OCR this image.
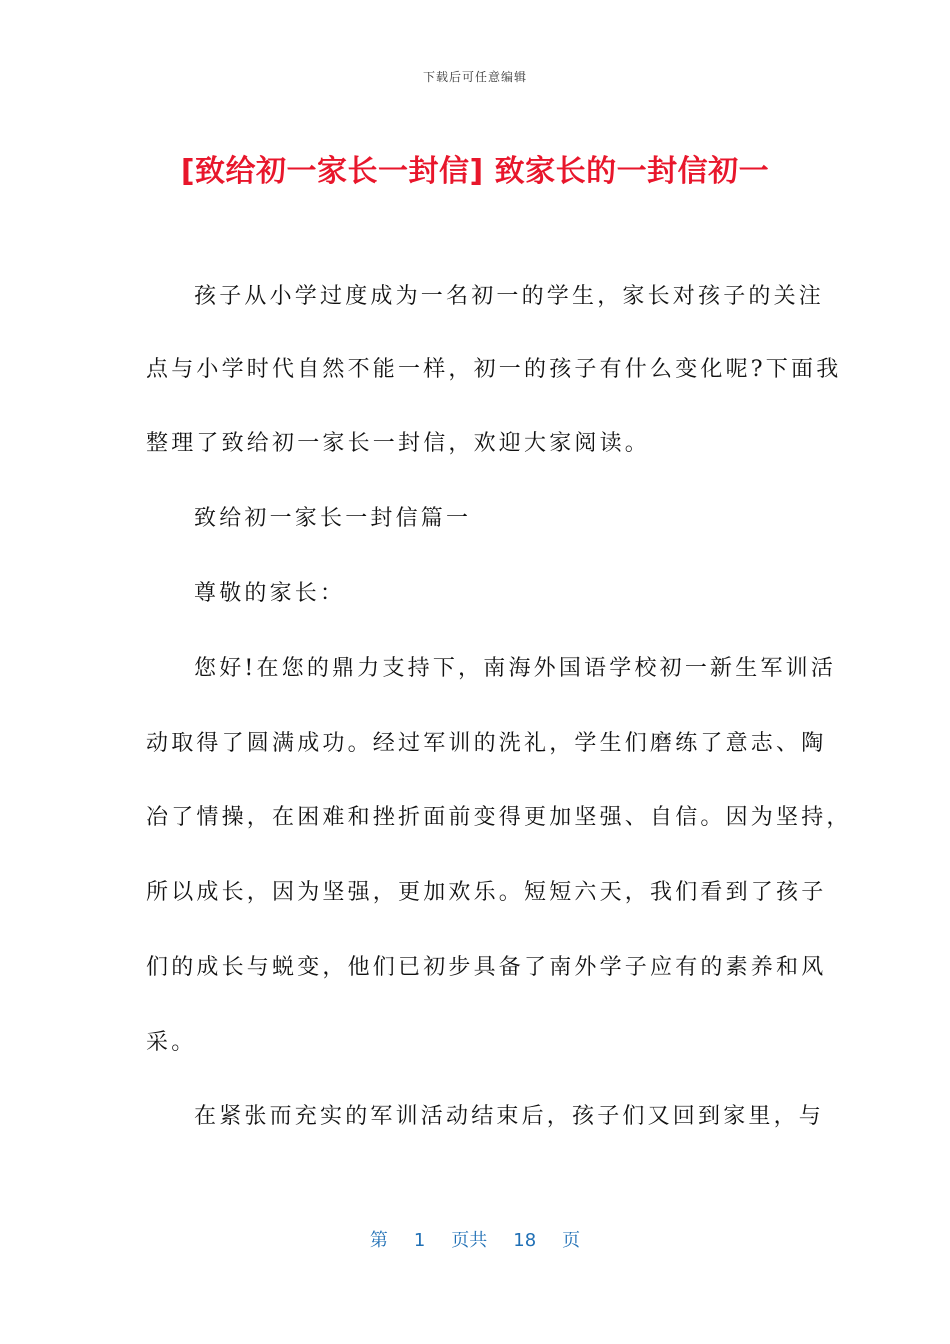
下载后可任意编辑
[致给初一家长一封信] 致家长的一封信初一
孩子从小学过度成为一名初一的学生，家长对孩子的关注
点与小学时代自然不能一样，初一的孩子有什么变化呢?下面我
整理了致给初一家长一封信，欢迎大家阅读。
致给初一家长一封信篇一
尊敬的家长：
您好!在您的鼎力支持下，南海外国语学校初一新生军训活
动取得了圆满成功。经过军训的洗礼，学生们磨练了意志、陶
冶了情操，在困难和挫折面前变得更加坚强、自信。因为坚持，
所以成长，因为坚强，更加欢乐。短短六天，我们看到了孩子
们的成长与蜕变，他们已初步具备了南外学子应有的素养和风
采。
在紧张而充实的军训活动结束后，孩子们又回到家里，与
第 1 页共 18 页
